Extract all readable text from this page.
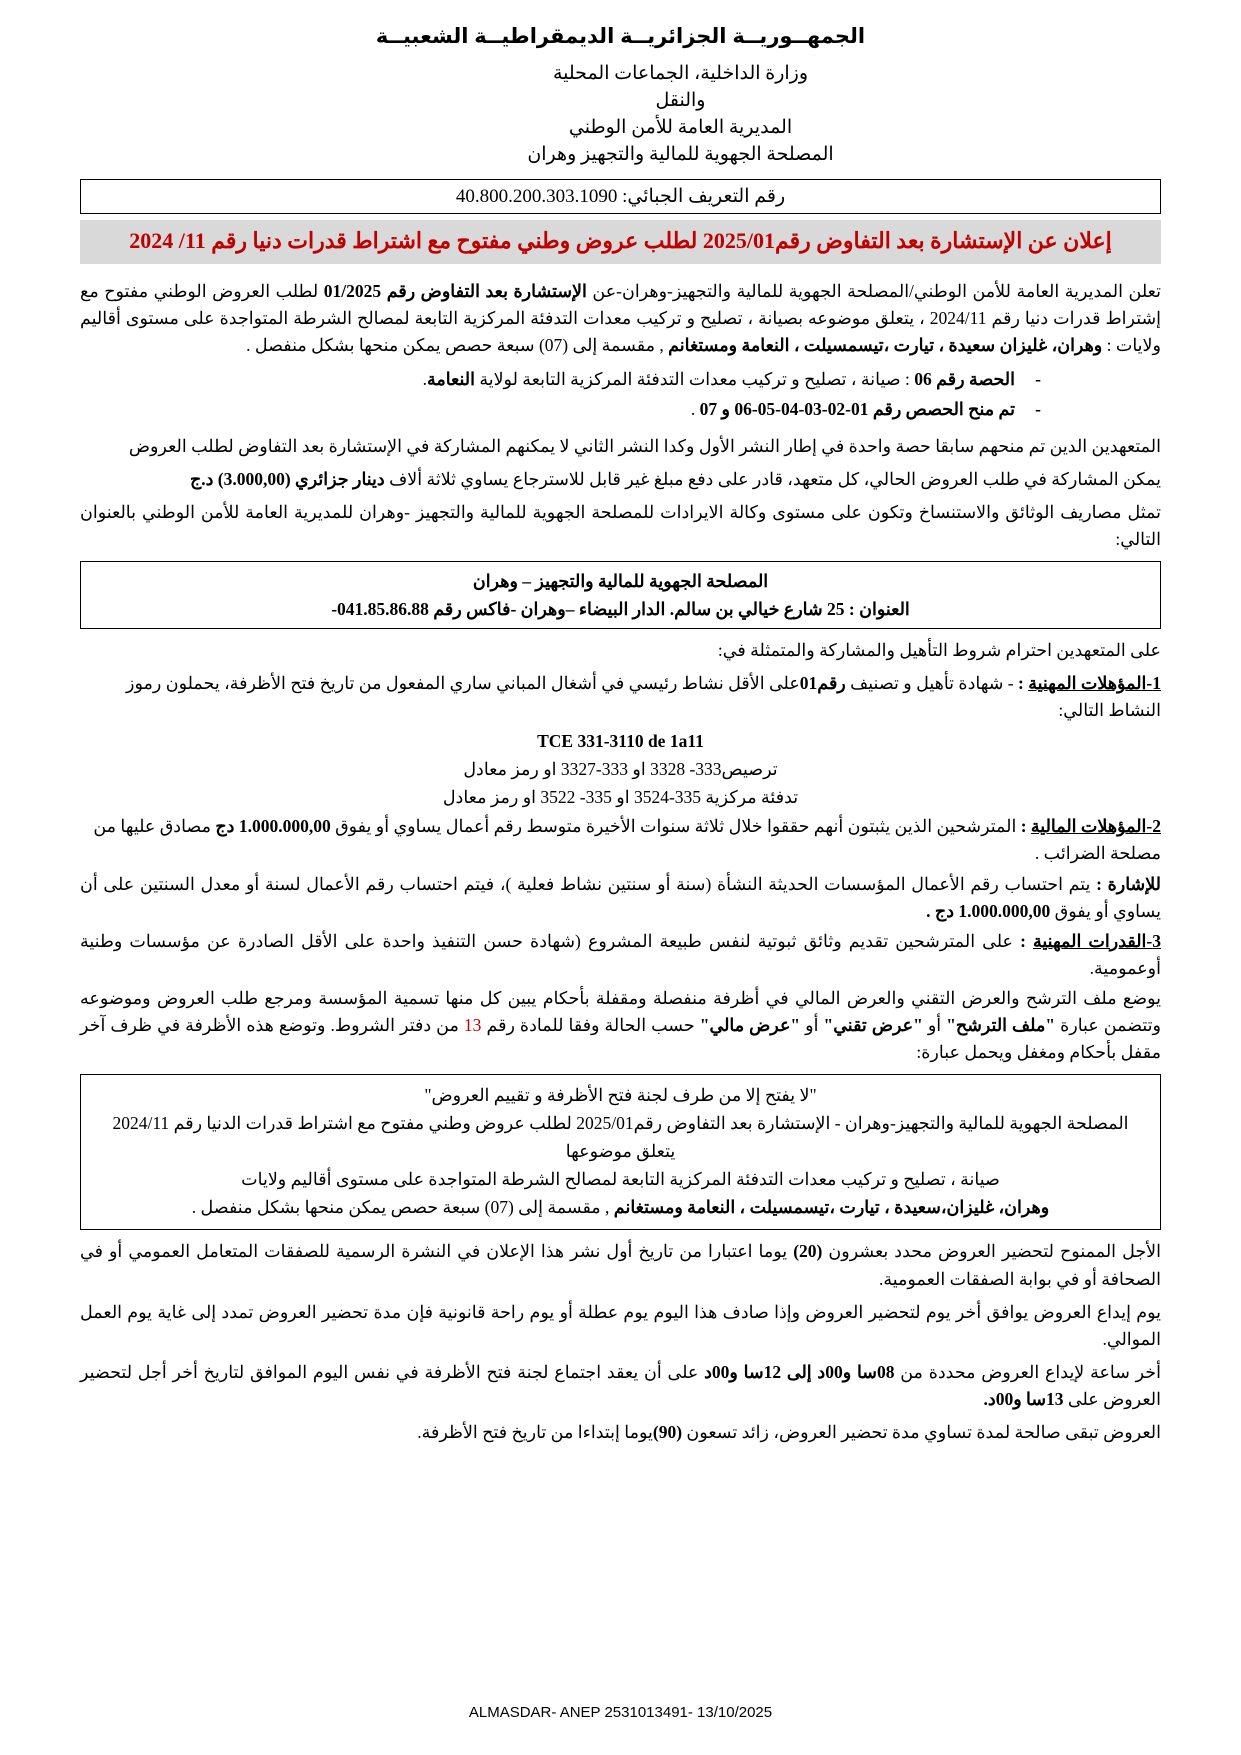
الجمهــوريــة الجزائريــة الديمقراطيــة الشعبيــة
وزارة الداخلية، الجماعات المحلية
والنقل
المديرية العامة للأمن الوطني
المصلحة الجهوية للمالية والتجهيز وهران
رقم التعريف الجبائي: 40.800.200.303.1090
إعلان عن الإستشارة بعد التفاوض رقم2025/01 لطلب عروض وطني مفتوح مع اشتراط قدرات دنيا رقم 11/ 2024

تعلن المديرية العامة للأمن الوطني/المصلحة الجهوية للمالية والتجهيز-وهران-عن الإستشارة بعد التفاوض رقم 01/2025 لطلب العروض الوطني مفتوح مع إشتراط قدرات دنيا رقم 2024/11 ، يتعلق موضوعه بصيانة ، تصليح و تركيب معدات التدفئة المركزية التابعة لمصالح الشرطة المتواجدة على مستوى أقاليم ولايات : وهران، غليزان سعيدة ، تيارت ،تيسمسيلت ، النعامة ومستغانم , مقسمة إلى (07) سبعة حصص يمكن منحها بشكل منفصل .

- الحصة رقم 06 : صيانة ، تصليح و تركيب معدات التدفئة المركزية التابعة لولاية النعامة.
- تم منح الحصص رقم 01-02-03-04-05-06 و 07 .

المتعهدين الدين تم منحهم سابقا حصة واحدة في إطار النشر الأول وكدا النشر الثاني لا يمكنهم المشاركة في الإستشارة بعد التفاوض لطلب العروض

يمكن المشاركة في طلب العروض الحالي، كل متعهد، قادر على دفع مبلغ غير قابل للاسترجاع يساوي ثلاثة ألاف دينار جزائري (3.000,00) د.ج

تمثل مصاريف الوثائق والاستنساخ وتكون على مستوى وكالة الايرادات للمصلحة الجهوية للمالية والتجهيز -وهران للمديرية العامة للأمن الوطني بالعنوان التالي:

المصلحة الجهوية للمالية والتجهيز – وهران
العنوان : 25 شارع خيالي بن سالم. الدار البيضاء –وهران -فاكس رقم 041.85.86.88-

على المتعهدين احترام شروط التأهيل والمشاركة والمتمثلة في:

1-المؤهلات المهنية : - شهادة تأهيل و تصنيف رقم01على الأقل نشاط رئيسي في أشغال المباني ساري المفعول من تاريخ فتح الأظرفة، يحملون رموز النشاط التالي:
TCE 331-3110 de 1a11
ترصيص333- 3328 او 333-3327 او رمز معادل
تدفئة مركزية 335-3524 او 335- 3522 او رمز معادل
2-المؤهلات المالية : المترشحين الذين يثبتون أنهم حققوا خلال ثلاثة سنوات الأخيرة متوسط رقم أعمال يساوي أو يفوق 1.000.000,00 دج مصادق عليها من مصلحة الضرائب .
للإشارة : يتم احتساب رقم الأعمال المؤسسات الحديثة النشأة (سنة أو سنتين نشاط فعلية )، فيتم احتساب رقم الأعمال لسنة أو معدل السنتين على أن يساوي أو يفوق 1.000.000,00 دج .
3-القدرات المهنية : على المترشحين تقديم وثائق ثبوتية لنفس طبيعة المشروع (شهادة حسن التنفيذ واحدة على الأقل الصادرة عن مؤسسات وطنية أوعمومية.

يوضع ملف الترشح والعرض التقني والعرض المالي في أظرفة منفصلة ومقفلة بأحكام يبين كل منها تسمية المؤسسة ومرجع طلب العروض وموضوعه وتتضمن عبارة "ملف الترشح" أو "عرض تقني" أو "عرض مالي" حسب الحالة وفقا للمادة رقم 13 من دفتر الشروط. وتوضع هذه الأظرفة في ظرف آخر مقفل بأحكام ومغفل ويحمل عبارة:

"لا يفتح إلا من طرف لجنة فتح الأظرفة و تقييم العروض"
المصلحة الجهوية للمالية والتجهيز-وهران - الإستشارة بعد التفاوض رقم2025/01 لطلب عروض وطني مفتوح مع اشتراط قدرات الدنيا رقم 2024/11
يتعلق موضوعها
صيانة ، تصليح و تركيب معدات التدفئة المركزية التابعة لمصالح الشرطة المتواجدة على مستوى أقاليم ولايات
وهران، غليزان،سعيدة ، تيارت ،تيسمسيلت ، النعامة ومستغانم , مقسمة إلى (07) سبعة حصص يمكن منحها بشكل منفصل .

الأجل الممنوح لتحضير العروض محدد بعشرون (20) يوما اعتبارا من تاريخ أول نشر هذا الإعلان في النشرة الرسمية للصفقات المتعامل العمومي أو في الصحافة أو في بوابة الصفقات العمومية.

يوم إيداع العروض يوافق أخر يوم لتحضير العروض وإذا صادف هذا اليوم يوم عطلة أو يوم راحة قانونية فإن مدة تحضير العروض تمدد إلى غاية يوم العمل الموالي.

أخر ساعة لإيداع العروض محددة من 08سا و00د إلى 12سا و00د على أن يعقد اجتماع لجنة فتح الأظرفة في نفس اليوم الموافق لتاريخ أخر أجل لتحضير العروض على 13سا و00د.

العروض تبقى صالحة لمدة تساوي مدة تحضير العروض، زائد تسعون (90)يوما إبتداءا من تاريخ فتح الأظرفة.

ALMASDAR- ANEP 2531013491- 13/10/2025
